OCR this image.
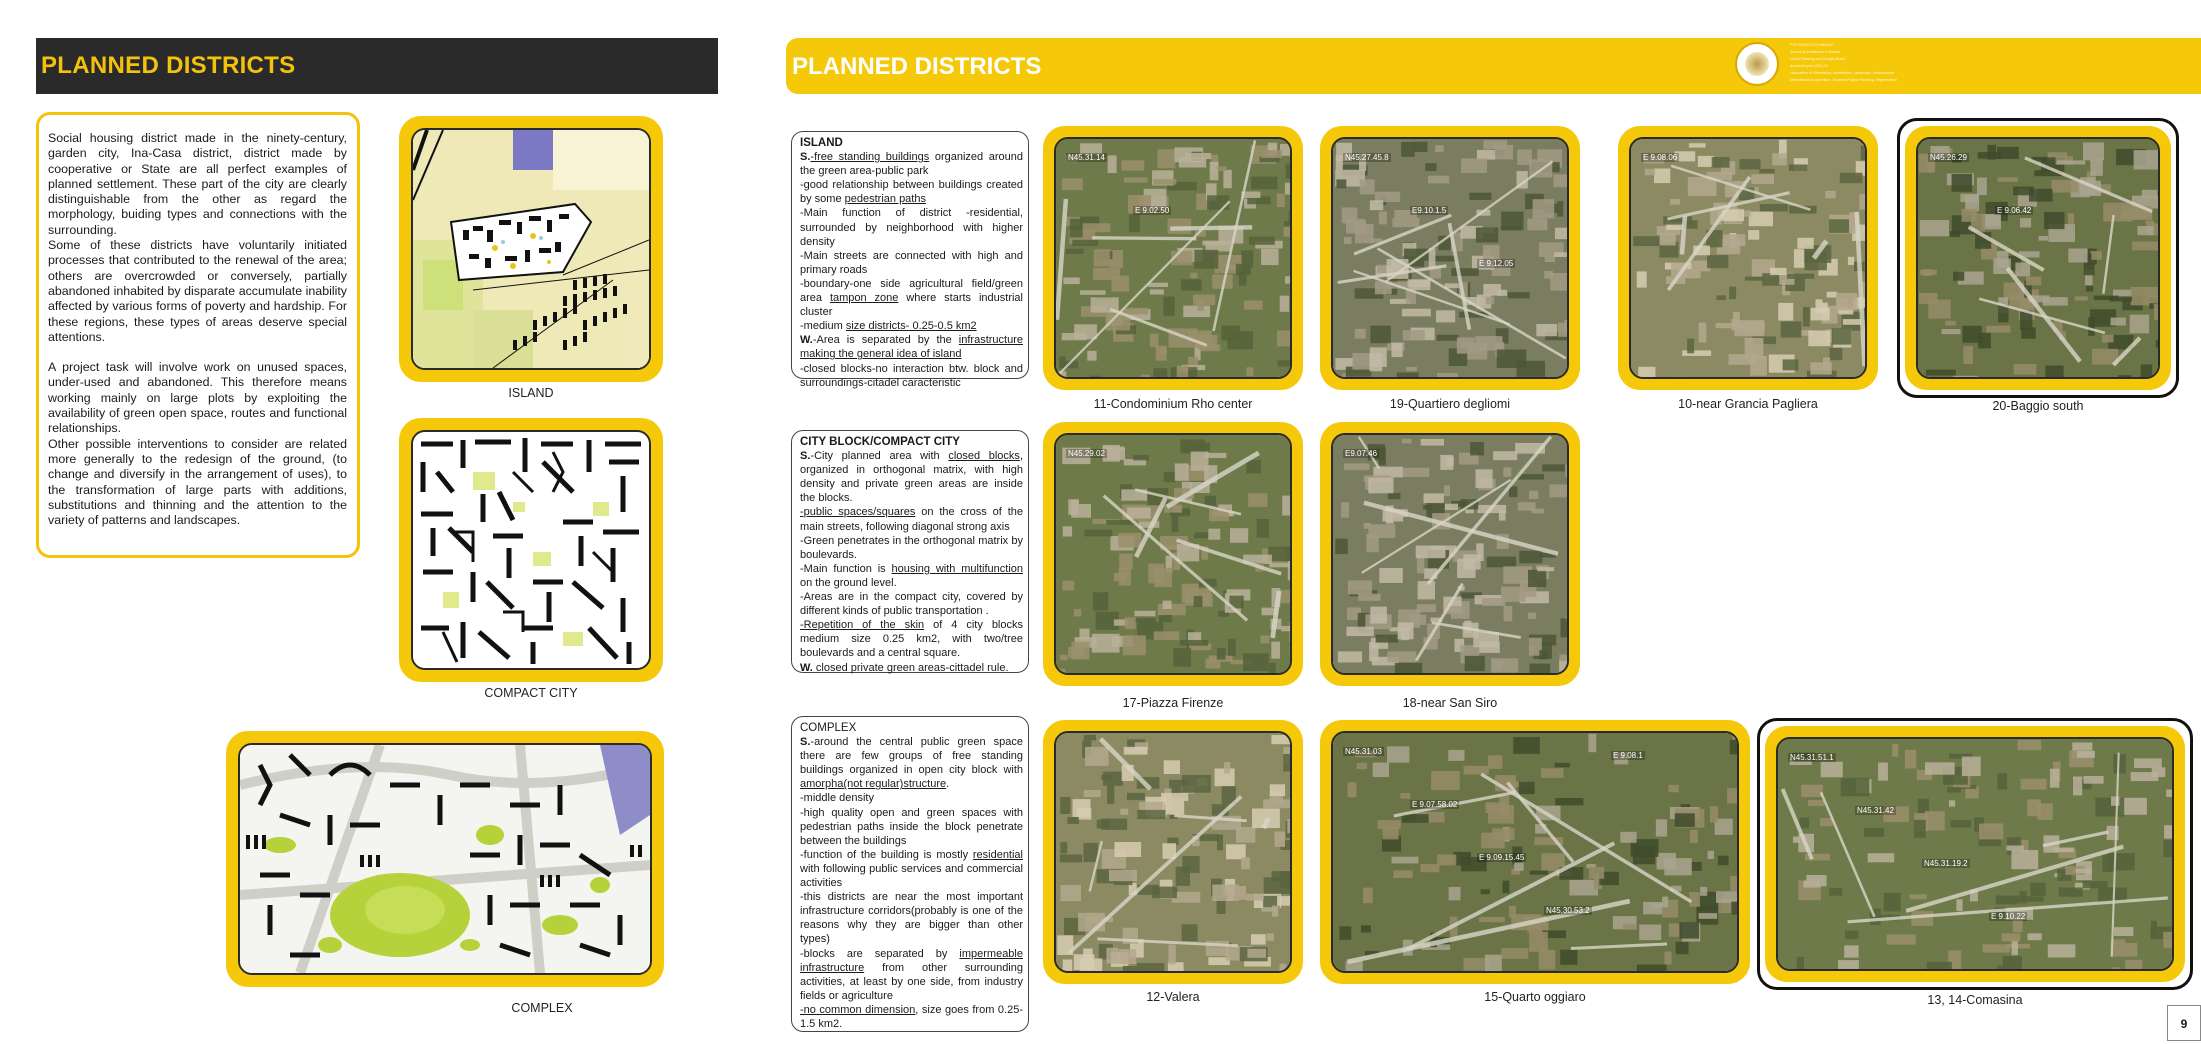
PLANNED DISTRICTS

Social housing district made in the ninety-century, garden city, Ina-Casa district, district made by cooperative or State are all perfect examples of planned settlement. These part of the city are clearly distinguishable from the other as regard the morphology, buiding types and connections with the surrounding.

Some of these districts have voluntarily initiated processes that contributed to the renewal of the area; others are overcrowded or conversely, partially abandoned inhabited by disparate accumulate inability affected by various forms of poverty and hardship. For these regions, these types of areas deserve special attentions.

A project task will involve work on unused spaces, under-used and abandoned. This therefore means working mainly on large plots by exploiting the availability of green open space, routes and functional relationships.

Other possible interventions to consider are related more generally to the redesign of the ground, (to change and diversify in the arrangement of uses), to the transformation of large parts with additions, substitutions and thinning and the attention to the variety of patterns and landscapes.

ISLAND
COMPACT CITY
COMPLEX
PLANNED DISTRICTS
POLITECNICO DI MILANO
Scuola di Architettura e Società
Urban Planning and Design Studio
Academic year 2010-11
Laboratorio di Urbanistica, Architettura, Landscape, Infrastructure
International Cooperation, Students Project Planning, Regeneration
ISLAND
S.-free standing buildings organized around the green area-public park
-good relationship between buildings created by some pedestrian paths
-Main function of district -residential, surrounded by neighborhood with higher density
-Main streets are connected with high and primary roads
-boundary-one side agricultural field/green area tampon zone where starts industrial cluster
-medium size districts- 0.25-0.5 km2
W.-Area is separated by the infrastructure making the general idea of island
-closed blocks-no interaction btw. block and surroundings-citadel caracteristic
CITY BLOCK/COMPACT CITY
S.-City planned area with closed blocks, organized in orthogonal matrix, with high density and private green areas are inside the blocks.
-public spaces/squares on the cross of the main streets, following diagonal strong axis
-Green penetrates in the orthogonal matrix by boulevards.
-Main function is housing with multifunction on the ground level.
-Areas are in the compact city, covered by different kinds of public transportation .
-Repetition of the skin of 4 city blocks medium size 0.25 km2, with two/tree boulevards and a central square.
W. closed private green areas-cittadel rule.
COMPLEX
S.-around the central public green space there are few groups of free standing buildings organized in open city block with amorpha(not regular)structure.
-middle density
-high quality open and green spaces with pedestrian paths inside the block penetrate between the buildings
-function of the building is mostly residential with following public services and commercial activities
-this districts are near the most important infrastructure corridors(probably is one of the reasons why they are bigger than other types)
-blocks are separated by impermeable infrastructure from other surrounding activities, at least by one side, from industry fields or agriculture
-no common dimension, size goes from 0.25- 1.5 km2.
N45.31.14
E 9.02.50
11-Condominium Rho center
N45.27.45.8
E9.10.1.5
E 9.12.05
19-Quartiero degliomi
E 9.08.06
10-near Grancia Pagliera
N45.26.29
E 9.06.42
20-Baggio south
N45.29.02
17-Piazza Firenze
E9.07.46
18-near San Siro
12-Valera
N45.31.03
E 9.07.58.02
E 9.09.15.45
N45.30.53.2
E 9.08.1
15-Quarto oggiaro
N45.31.51.1
N45.31.42
N45.31.19.2
E 9.10.22
13, 14-Comasina
9
